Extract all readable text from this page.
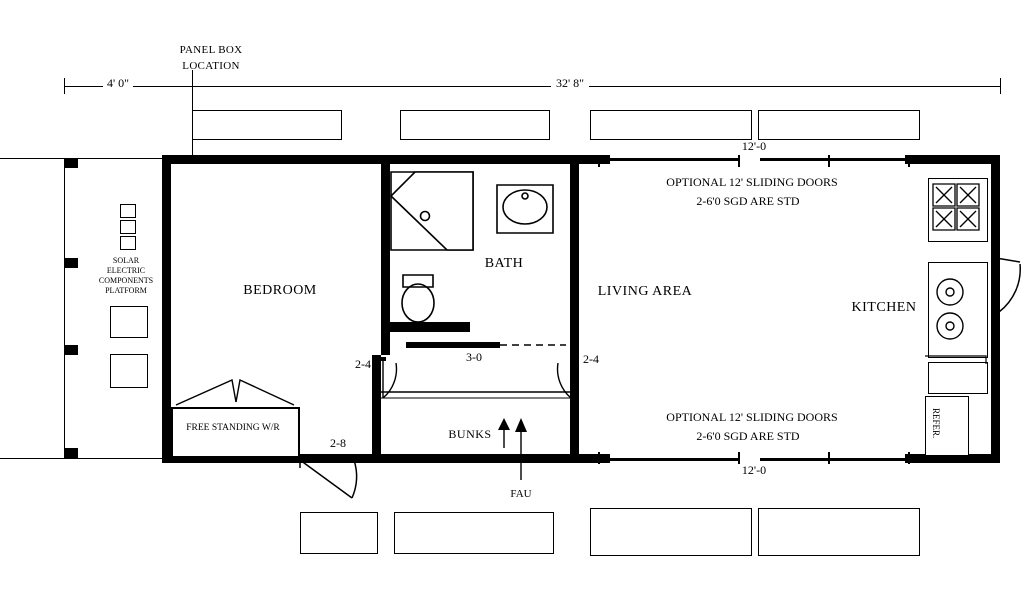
PANEL BOX
LOCATION
4' 0"	32' 8"
12'-0
SOLAR
ELECTRIC
COMPONENTS
PLATFORM	BEDROOM
BATH
LIVING AREA
KITCHEN
BUNKS
OPTIONAL 12' SLIDING DOORS
2-6'0 SGD ARE STD
OPTIONAL 12' SLIDING DOORS
2-6'0 SGD ARE STD
2-4	2-4
2-8
3-0
FREE STANDING W/R
FAU
12'-0
REFER.
